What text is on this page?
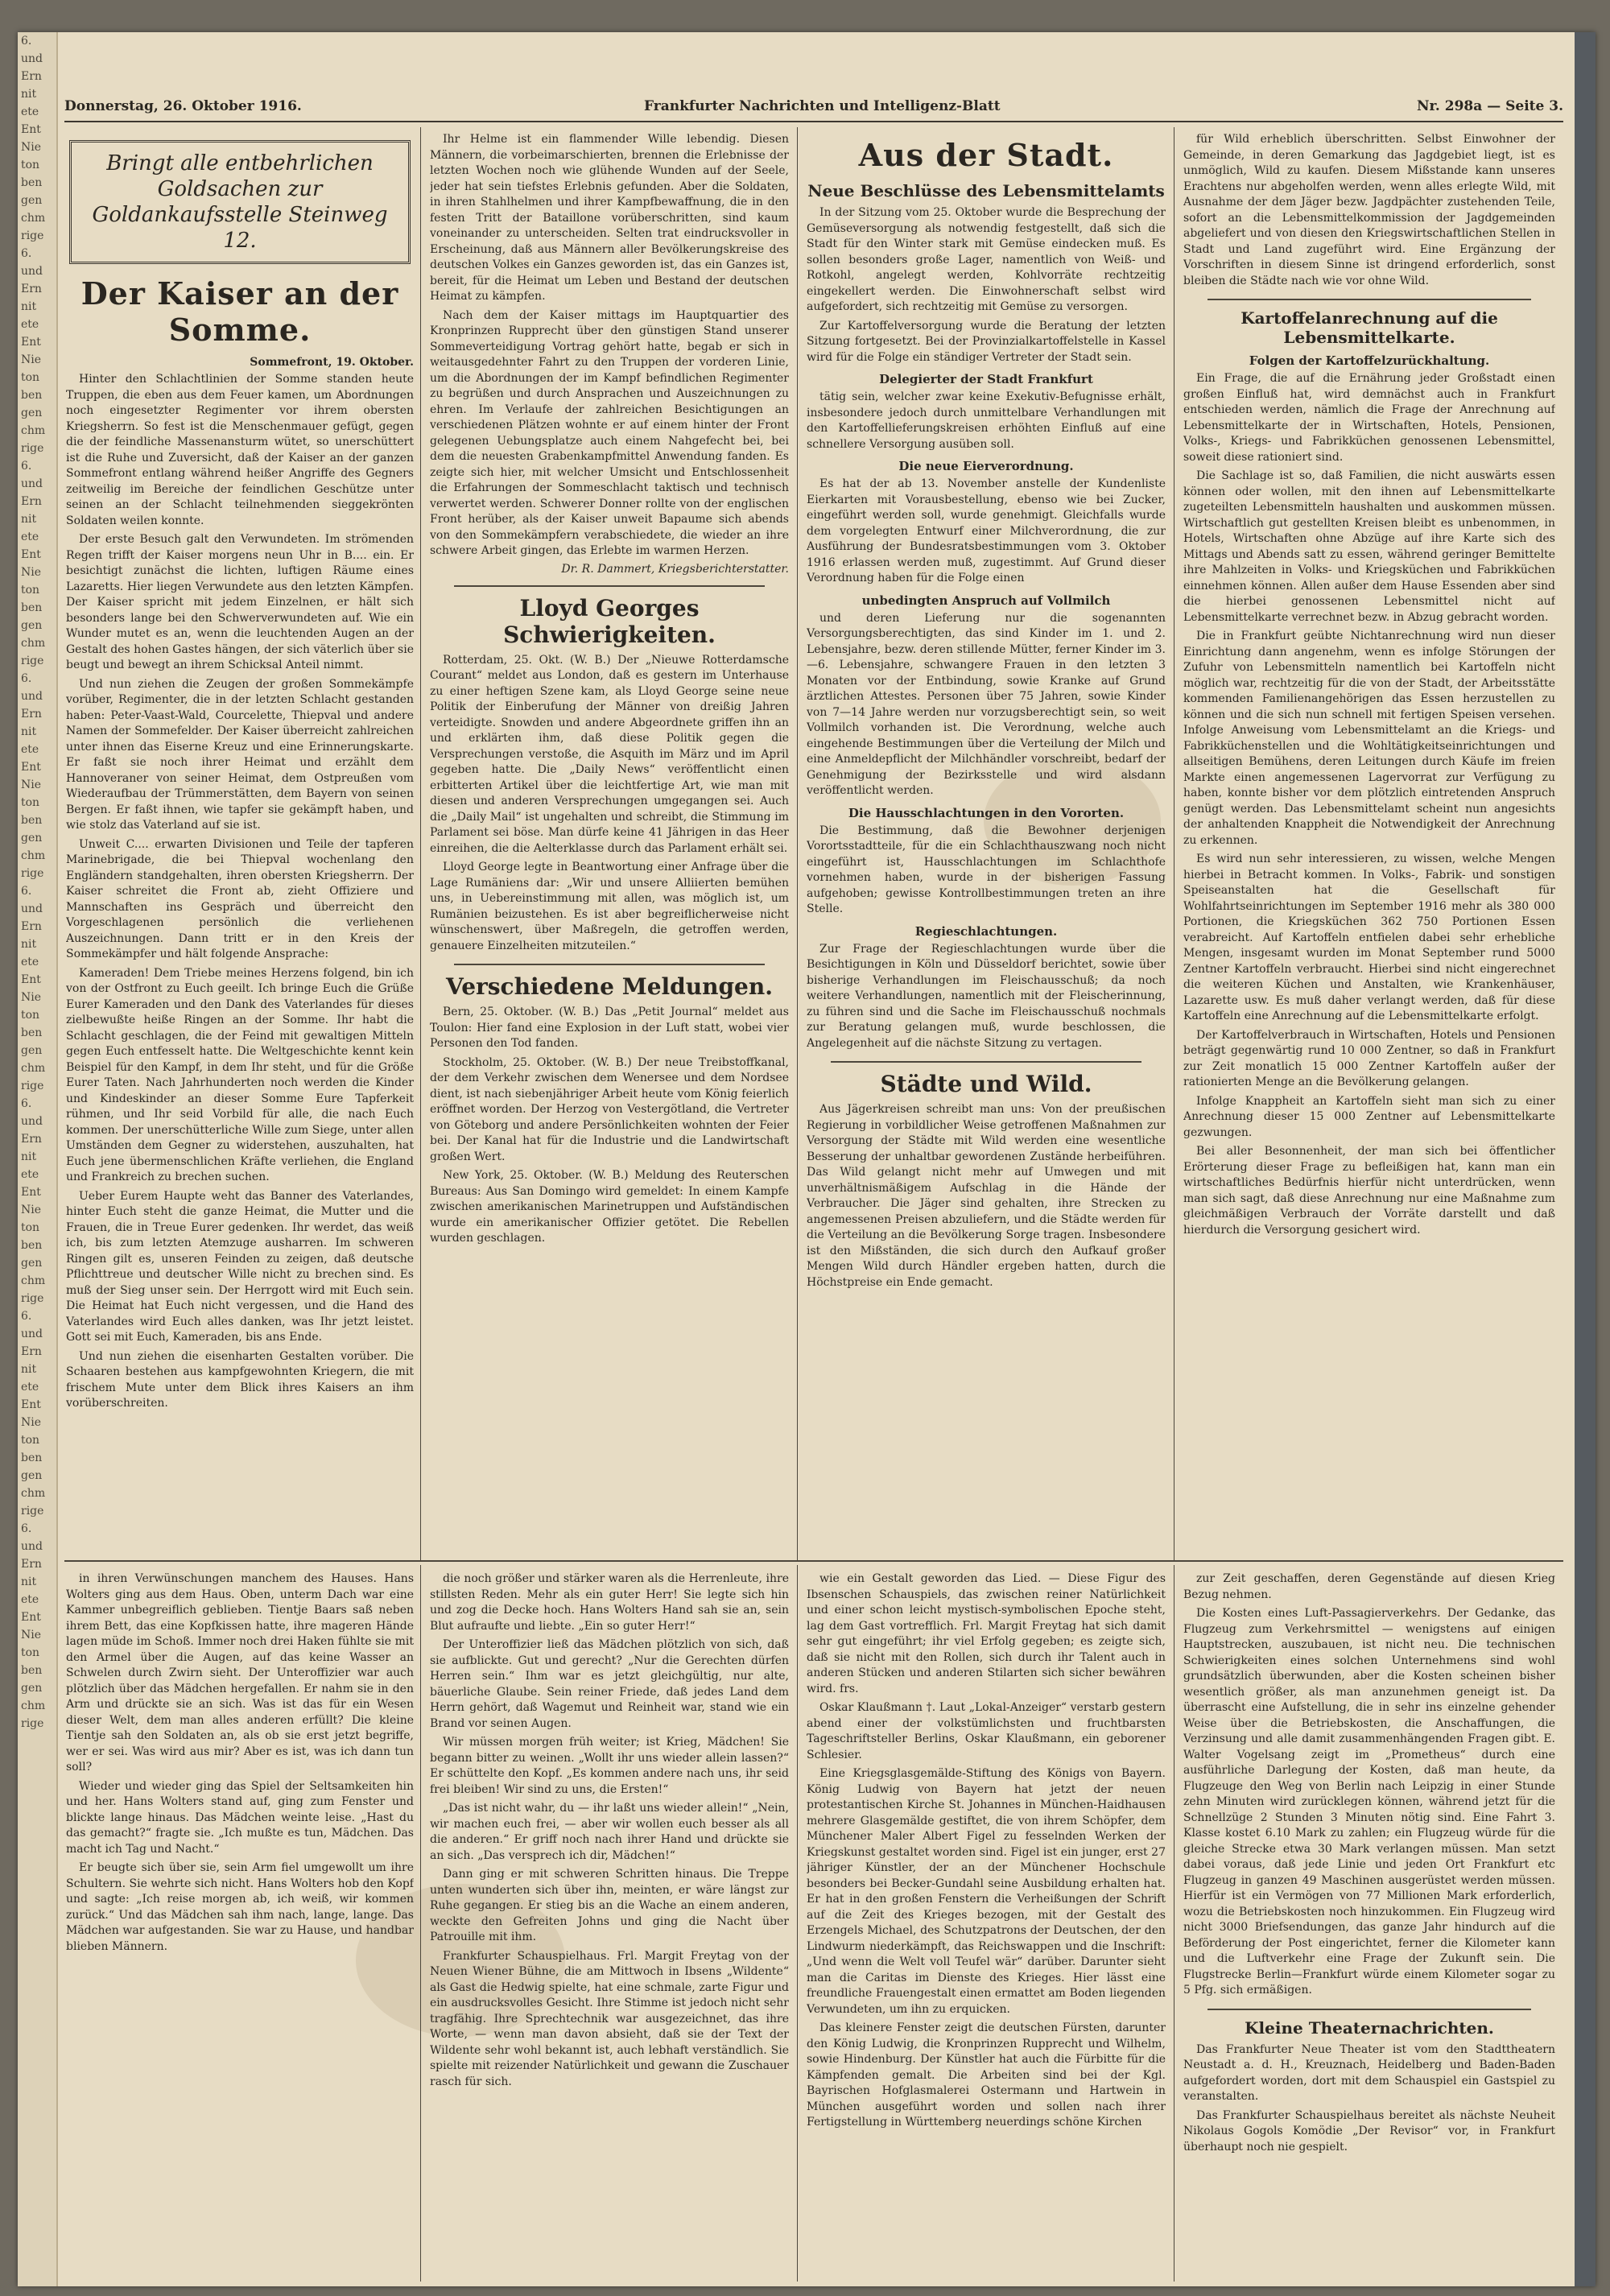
6.
und
Ern
nit
ete
Ent
Nie
ton
ben
gen
chm
rige
6.
und
Ern
nit
ete
Ent
Nie
ton
ben
gen
chm
rige
6.
und
Ern
nit
ete
Ent
Nie
ton
ben
gen
chm
rige
6.
und
Ern
nit
ete
Ent
Nie
ton
ben
gen
chm
rige
6.
und
Ern
nit
ete
Ent
Nie
ton
ben
gen
chm
rige
6.
und
Ern
nit
ete
Ent
Nie
ton
ben
gen
chm
rige
6.
und
Ern
nit
ete
Ent
Nie
ton
ben
gen
chm
rige
6.
und
Ern
nit
ete
Ent
Nie
ton
ben
gen
chm
rige
Donnerstag, 26. Oktober 1916.	Frankfurter Nachrichten und Intelligenz-Blatt	Nr. 298a — Seite 3.
Bringt alle entbehrlichen Goldsachen zur Goldankaufsstelle Steinweg 12.
Der Kaiser an der Somme.
Sommefront, 19. Oktober.

Hinter den Schlachtlinien der Somme standen heute Truppen, die eben aus dem Feuer kamen, um Abordnungen noch eingesetzter Regimenter vor ihrem obersten Kriegsherrn. So fest ist die Menschenmauer gefügt, gegen die der feindliche Massenansturm wütet, so unerschüttert ist die Ruhe und Zuversicht, daß der Kaiser an der ganzen Sommefront entlang während heißer Angriffe des Gegners zeitweilig im Bereiche der feindlichen Geschütze unter seinen an der Schlacht teilnehmenden sieggekrönten Soldaten weilen konnte.

Der erste Besuch galt den Verwundeten. Im strömenden Regen trifft der Kaiser morgens neun Uhr in B.... ein. Er besichtigt zunächst die lichten, luftigen Räume eines Lazaretts. Hier liegen Verwundete aus den letzten Kämpfen. Der Kaiser spricht mit jedem Einzelnen, er hält sich besonders lange bei den Schwerverwundeten auf. Wie ein Wunder mutet es an, wenn die leuchtenden Augen an der Gestalt des hohen Gastes hängen, der sich väterlich über sie beugt und bewegt an ihrem Schicksal Anteil nimmt.

Und nun ziehen die Zeugen der großen Sommekämpfe vorüber, Regimenter, die in der letzten Schlacht gestanden haben: Peter-Vaast-Wald, Courcelette, Thiepval und andere Namen der Sommefelder. Der Kaiser überreicht zahlreichen unter ihnen das Eiserne Kreuz und eine Erinnerungskarte. Er faßt sie noch ihrer Heimat und erzählt dem Hannoveraner von seiner Heimat, dem Ostpreußen vom Wiederaufbau der Trümmerstätten, dem Bayern von seinen Bergen. Er faßt ihnen, wie tapfer sie gekämpft haben, und wie stolz das Vaterland auf sie ist.

Unweit C.... erwarten Divisionen und Teile der tapferen Marinebrigade, die bei Thiepval wochenlang den Engländern standgehalten, ihren obersten Kriegsherrn. Der Kaiser schreitet die Front ab, zieht Offiziere und Mannschaften ins Gespräch und überreicht den Vorgeschlagenen persönlich die verliehenen Auszeichnungen. Dann tritt er in den Kreis der Sommekämpfer und hält folgende Ansprache:

Kameraden! Dem Triebe meines Herzens folgend, bin ich von der Ostfront zu Euch geeilt. Ich bringe Euch die Grüße Eurer Kameraden und den Dank des Vaterlandes für dieses zielbewußte heiße Ringen an der Somme. Ihr habt die Schlacht geschlagen, die der Feind mit gewaltigen Mitteln gegen Euch entfesselt hatte. Die Weltgeschichte kennt kein Beispiel für den Kampf, in dem Ihr steht, und für die Größe Eurer Taten. Nach Jahrhunderten noch werden die Kinder und Kindeskinder an dieser Somme Eure Tapferkeit rühmen, und Ihr seid Vorbild für alle, die nach Euch kommen. Der unerschütterliche Wille zum Siege, unter allen Umständen dem Gegner zu widerstehen, auszuhalten, hat Euch jene übermenschlichen Kräfte verliehen, die England und Frankreich zu brechen suchen.

Ueber Eurem Haupte weht das Banner des Vaterlandes, hinter Euch steht die ganze Heimat, die Mutter und die Frauen, die in Treue Eurer gedenken. Ihr werdet, das weiß ich, bis zum letzten Atemzuge ausharren. Im schweren Ringen gilt es, unseren Feinden zu zeigen, daß deutsche Pflichttreue und deutscher Wille nicht zu brechen sind. Es muß der Sieg unser sein. Der Herrgott wird mit Euch sein. Die Heimat hat Euch nicht vergessen, und die Hand des Vaterlandes wird Euch alles danken, was Ihr jetzt leistet. Gott sei mit Euch, Kameraden, bis ans Ende.

Und nun ziehen die eisenharten Gestalten vorüber. Die Schaaren bestehen aus kampfgewohnten Kriegern, die mit frischem Mute unter dem Blick ihres Kaisers an ihm vorüberschreiten.

Ihr Helme ist ein flammender Wille lebendig. Diesen Männern, die vorbeimarschierten, brennen die Erlebnisse der letzten Wochen noch wie glühende Wunden auf der Seele, jeder hat sein tiefstes Erlebnis gefunden. Aber die Soldaten, in ihren Stahlhelmen und ihrer Kampfbewaffnung, die in den festen Tritt der Bataillone vorüberschritten, sind kaum voneinander zu unterscheiden. Selten trat eindrucksvoller in Erscheinung, daß aus Männern aller Bevölkerungskreise des deutschen Volkes ein Ganzes geworden ist, das ein Ganzes ist, bereit, für die Heimat um Leben und Bestand der deutschen Heimat zu kämpfen.

Nach dem der Kaiser mittags im Hauptquartier des Kronprinzen Rupprecht über den günstigen Stand unserer Sommeverteidigung Vortrag gehört hatte, begab er sich in weitausgedehnter Fahrt zu den Truppen der vorderen Linie, um die Abordnungen der im Kampf befindlichen Regimenter zu begrüßen und durch Ansprachen und Auszeichnungen zu ehren. Im Verlaufe der zahlreichen Besichtigungen an verschiedenen Plätzen wohnte er auf einem hinter der Front gelegenen Uebungsplatze auch einem Nahgefecht bei, bei dem die neuesten Grabenkampfmittel Anwendung fanden. Es zeigte sich hier, mit welcher Umsicht und Entschlossenheit die Erfahrungen der Sommeschlacht taktisch und technisch verwertet werden. Schwerer Donner rollte von der englischen Front herüber, als der Kaiser unweit Bapaume sich abends von den Sommekämpfern verabschiedete, die wieder an ihre schwere Arbeit gingen, das Erlebte im warmen Herzen.

Dr. R. Dammert, Kriegsberichterstatter.
Lloyd Georges Schwierigkeiten.

Rotterdam, 25. Okt. (W. B.) Der „Nieuwe Rotterdamsche Courant“ meldet aus London, daß es gestern im Unterhause zu einer heftigen Szene kam, als Lloyd George seine neue Politik der Einberufung der Männer von dreißig Jahren verteidigte. Snowden und andere Abgeordnete griffen ihn an und erklärten ihm, daß diese Politik gegen die Versprechungen verstoße, die Asquith im März und im April gegeben hatte. Die „Daily News“ veröffentlicht einen erbitterten Artikel über die leichtfertige Art, wie man mit diesen und anderen Versprechungen umgegangen sei. Auch die „Daily Mail“ ist ungehalten und schreibt, die Stimmung im Parlament sei böse. Man dürfe keine 41 Jährigen in das Heer einreihen, die die Aelterklasse durch das Parlament erhält sei.

Lloyd George legte in Beantwortung einer Anfrage über die Lage Rumäniens dar: „Wir und unsere Alliierten bemühen uns, in Uebereinstimmung mit allen, was möglich ist, um Rumänien beizustehen. Es ist aber begreiflicherweise nicht wünschenswert, über Maßregeln, die getroffen werden, genauere Einzelheiten mitzuteilen.“

Verschiedene Meldungen.

Bern, 25. Oktober. (W. B.) Das „Petit Journal“ meldet aus Toulon: Hier fand eine Explosion in der Luft statt, wobei vier Personen den Tod fanden.

Stockholm, 25. Oktober. (W. B.) Der neue Treibstoffkanal, der dem Verkehr zwischen dem Wenersee und dem Nordsee dient, ist nach siebenjähriger Arbeit heute vom König feierlich eröffnet worden. Der Herzog von Vestergötland, die Vertreter von Göteborg und andere Persönlichkeiten wohnten der Feier bei. Der Kanal hat für die Industrie und die Landwirtschaft großen Wert.

New York, 25. Oktober. (W. B.) Meldung des Reuterschen Bureaus: Aus San Domingo wird gemeldet: In einem Kampfe zwischen amerikanischen Marinetruppen und Aufständischen wurde ein amerikanischer Offizier getötet. Die Rebellen wurden geschlagen.

Aus der Stadt.
Neue Beschlüsse des Lebensmittelamts

In der Sitzung vom 25. Oktober wurde die Besprechung der Gemüseversorgung als notwendig festgestellt, daß sich die Stadt für den Winter stark mit Gemüse eindecken muß. Es sollen besonders große Lager, namentlich von Weiß- und Rotkohl, angelegt werden, Kohlvorräte rechtzeitig eingekellert werden. Die Einwohnerschaft selbst wird aufgefordert, sich rechtzeitig mit Gemüse zu versorgen.

Zur Kartoffelversorgung wurde die Beratung der letzten Sitzung fortgesetzt. Bei der Provinzialkartoffelstelle in Kassel wird für die Folge ein ständiger Vertreter der Stadt sein.

Delegierter der Stadt Frankfurt

tätig sein, welcher zwar keine Exekutiv-Befugnisse erhält, insbesondere jedoch durch unmittelbare Verhandlungen mit den Kartoffellieferungskreisen erhöhten Einfluß auf eine schnellere Versorgung ausüben soll.

Die neue Eierverordnung.

Es hat der ab 13. November anstelle der Kundenliste Eierkarten mit Vorausbestellung, ebenso wie bei Zucker, eingeführt werden soll, wurde genehmigt. Gleichfalls wurde dem vorgelegten Entwurf einer Milchverordnung, die zur Ausführung der Bundesratsbestimmungen vom 3. Oktober 1916 erlassen werden muß, zugestimmt. Auf Grund dieser Verordnung haben für die Folge einen

unbedingten Anspruch auf Vollmilch

und deren Lieferung nur die sogenannten Versorgungsberechtigten, das sind Kinder im 1. und 2. Lebensjahre, bezw. deren stillende Mütter, ferner Kinder im 3.—6. Lebensjahre, schwangere Frauen in den letzten 3 Monaten vor der Entbindung, sowie Kranke auf Grund ärztlichen Attestes. Personen über 75 Jahren, sowie Kinder von 7—14 Jahre werden nur vorzugsberechtigt sein, so weit Vollmilch vorhanden ist. Die Verordnung, welche auch eingehende Bestimmungen über die Verteilung der Milch und eine Anmeldepflicht der Milchhändler vorschreibt, bedarf der Genehmigung der Bezirksstelle und wird alsdann veröffentlicht werden.

Die Hausschlachtungen in den Vororten.

Die Bestimmung, daß die Bewohner derjenigen Vorortsstadtteile, für die ein Schlachthauszwang noch nicht eingeführt ist, Hausschlachtungen im Schlachthofe vornehmen haben, wurde in der bisherigen Fassung aufgehoben; gewisse Kontrollbestimmungen treten an ihre Stelle.

Regieschlachtungen.

Zur Frage der Regieschlachtungen wurde über die Besichtigungen in Köln und Düsseldorf berichtet, sowie über bisherige Verhandlungen im Fleischausschuß; da noch weitere Verhandlungen, namentlich mit der Fleischerinnung, zu führen sind und die Sache im Fleischausschuß nochmals zur Beratung gelangen muß, wurde beschlossen, die Angelegenheit auf die nächste Sitzung zu vertagen.

Städte und Wild.

Aus Jägerkreisen schreibt man uns: Von der preußischen Regierung in vorbildlicher Weise getroffenen Maßnahmen zur Versorgung der Städte mit Wild werden eine wesentliche Besserung der unhaltbar gewordenen Zustände herbeiführen. Das Wild gelangt nicht mehr auf Umwegen und mit unverhältnismäßigem Aufschlag in die Hände der Verbraucher. Die Jäger sind gehalten, ihre Strecken zu angemessenen Preisen abzuliefern, und die Städte werden für die Verteilung an die Bevölkerung Sorge tragen. Insbesondere ist den Mißständen, die sich durch den Aufkauf großer Mengen Wild durch Händler ergeben hatten, durch die Höchstpreise ein Ende gemacht.

für Wild erheblich überschritten. Selbst Einwohner der Gemeinde, in deren Gemarkung das Jagdgebiet liegt, ist es unmöglich, Wild zu kaufen. Diesem Mißstande kann unseres Erachtens nur abgeholfen werden, wenn alles erlegte Wild, mit Ausnahme der dem Jäger bezw. Jagdpächter zustehenden Teile, sofort an die Lebensmittelkommission der Jagdgemeinden abgeliefert und von diesen den Kriegswirtschaftlichen Stellen in Stadt und Land zugeführt wird. Eine Ergänzung der Vorschriften in diesem Sinne ist dringend erforderlich, sonst bleiben die Städte nach wie vor ohne Wild.

Kartoffelanrechnung auf die Lebensmittelkarte.
Folgen der Kartoffelzurückhaltung.

Ein Frage, die auf die Ernährung jeder Großstadt einen großen Einfluß hat, wird demnächst auch in Frankfurt entschieden werden, nämlich die Frage der Anrechnung auf Lebensmittelkarte der in Wirtschaften, Hotels, Pensionen, Volks-, Kriegs- und Fabrikküchen genossenen Lebensmittel, soweit diese rationiert sind.

Die Sachlage ist so, daß Familien, die nicht auswärts essen können oder wollen, mit den ihnen auf Lebensmittelkarte zugeteilten Lebensmitteln haushalten und auskommen müssen. Wirtschaftlich gut gestellten Kreisen bleibt es unbenommen, in Hotels, Wirtschaften ohne Abzüge auf ihre Karte sich des Mittags und Abends satt zu essen, während geringer Bemittelte ihre Mahlzeiten in Volks- und Kriegsküchen und Fabrikküchen einnehmen können. Allen außer dem Hause Essenden aber sind die hierbei genossenen Lebensmittel nicht auf Lebensmittelkarte verrechnet bezw. in Abzug gebracht worden.

Die in Frankfurt geübte Nichtanrechnung wird nun dieser Einrichtung dann angenehm, wenn es infolge Störungen der Zufuhr von Lebensmitteln namentlich bei Kartoffeln nicht möglich war, rechtzeitig für die von der Stadt, der Arbeitsstätte kommenden Familienangehörigen das Essen herzustellen zu können und die sich nun schnell mit fertigen Speisen versehen. Infolge Anweisung vom Lebensmittelamt an die Kriegs- und Fabrikküchenstellen und die Wohltätigkeitseinrichtungen und allseitigen Bemühens, deren Leitungen durch Käufe im freien Markte einen angemessenen Lagervorrat zur Verfügung zu haben, konnte bisher vor dem plötzlich eintretenden Anspruch genügt werden. Das Lebensmittelamt scheint nun angesichts der anhaltenden Knappheit die Notwendigkeit der Anrechnung zu erkennen.

Es wird nun sehr interessieren, zu wissen, welche Mengen hierbei in Betracht kommen. In Volks-, Fabrik- und sonstigen Speiseanstalten hat die Gesellschaft für Wohlfahrtseinrichtungen im September 1916 mehr als 380 000 Portionen, die Kriegsküchen 362 750 Portionen Essen verabreicht. Auf Kartoffeln entfielen dabei sehr erhebliche Mengen, insgesamt wurden im Monat September rund 5000 Zentner Kartoffeln verbraucht. Hierbei sind nicht eingerechnet die weiteren Küchen und Anstalten, wie Krankenhäuser, Lazarette usw. Es muß daher verlangt werden, daß für diese Kartoffeln eine Anrechnung auf die Lebensmittelkarte erfolgt.

Der Kartoffelverbrauch in Wirtschaften, Hotels und Pensionen beträgt gegenwärtig rund 10 000 Zentner, so daß in Frankfurt zur Zeit monatlich 15 000 Zentner Kartoffeln außer der rationierten Menge an die Bevölkerung gelangen.

Infolge Knappheit an Kartoffeln sieht man sich zu einer Anrechnung dieser 15 000 Zentner auf Lebensmittelkarte gezwungen.

Bei aller Besonnenheit, der man sich bei öffentlicher Erörterung dieser Frage zu befleißigen hat, kann man ein wirtschaftliches Bedürfnis hierfür nicht unterdrücken, wenn man sich sagt, daß diese Anrechnung nur eine Maßnahme zum gleichmäßigen Verbrauch der Vorräte darstellt und daß hierdurch die Versorgung gesichert wird.

in ihren Verwünschungen manchem des Hauses. Hans Wolters ging aus dem Haus. Oben, unterm Dach war eine Kammer unbegreiflich geblieben. Tientje Baars saß neben ihrem Bett, das eine Kopfkissen hatte, ihre mageren Hände lagen müde im Schoß. Immer noch drei Haken fühlte sie mit den Armel über die Augen, auf das keine Wasser an Schwelen durch Zwirn sieht. Der Unteroffizier war auch plötzlich über das Mädchen hergefallen. Er nahm sie in den Arm und drückte sie an sich. Was ist das für ein Wesen dieser Welt, dem man alles anderen erfüllt? Die kleine Tientje sah den Soldaten an, als ob sie erst jetzt begriffe, wer er sei. Was wird aus mir? Aber es ist, was ich dann tun soll?

Wieder und wieder ging das Spiel der Seltsamkeiten hin und her. Hans Wolters stand auf, ging zum Fenster und blickte lange hinaus. Das Mädchen weinte leise. „Hast du das gemacht?“ fragte sie. „Ich mußte es tun, Mädchen. Das macht ich Tag und Nacht.“

Er beugte sich über sie, sein Arm fiel umgewollt um ihre Schultern. Sie wehrte sich nicht. Hans Wolters hob den Kopf und sagte: „Ich reise morgen ab, ich weiß, wir kommen zurück.“ Und das Mädchen sah ihm nach, lange, lange. Das Mädchen war aufgestanden. Sie war zu Hause, und handbar blieben Männern.

die noch größer und stärker waren als die Herrenleute, ihre stillsten Reden. Mehr als ein guter Herr! Sie legte sich hin und zog die Decke hoch. Hans Wolters Hand sah sie an, sein Blut aufraufte und liebte. „Ein so guter Herr!“

Der Unteroffizier ließ das Mädchen plötzlich von sich, daß sie aufblickte. Gut und gerecht? „Nur die Gerechten dürfen Herren sein.“ Ihm war es jetzt gleichgültig, nur alte, bäuerliche Glaube. Sein reiner Friede, daß jedes Land dem Herrn gehört, daß Wagemut und Reinheit war, stand wie ein Brand vor seinen Augen.

Wir müssen morgen früh weiter; ist Krieg, Mädchen! Sie begann bitter zu weinen. „Wollt ihr uns wieder allein lassen?“ Er schüttelte den Kopf. „Es kommen andere nach uns, ihr seid frei bleiben! Wir sind zu uns, die Ersten!“

„Das ist nicht wahr, du — ihr laßt uns wieder allein!“ „Nein, wir machen euch frei, — aber wir wollen euch besser als all die anderen.“ Er griff noch nach ihrer Hand und drückte sie an sich. „Das versprech ich dir, Mädchen!“

Dann ging er mit schweren Schritten hinaus. Die Treppe unten wunderten sich über ihn, meinten, er wäre längst zur Ruhe gegangen. Er stieg bis an die Wache an einem anderen, weckte den Gefreiten Johns und ging die Nacht über Patrouille mit ihm.

Frankfurter Schauspielhaus. Frl. Margit Freytag von der Neuen Wiener Bühne, die am Mittwoch in Ibsens „Wildente“ als Gast die Hedwig spielte, hat eine schmale, zarte Figur und ein ausdrucksvolles Gesicht. Ihre Stimme ist jedoch nicht sehr tragfähig. Ihre Sprechtechnik war ausgezeichnet, das ihre Worte, — wenn man davon absieht, daß sie der Text der Wildente sehr wohl bekannt ist, auch lebhaft verständlich. Sie spielte mit reizender Natürlichkeit und gewann die Zuschauer rasch für sich.

wie ein Gestalt geworden das Lied. — Diese Figur des Ibsenschen Schauspiels, das zwischen reiner Natürlichkeit und einer schon leicht mystisch-symbolischen Epoche steht, lag dem Gast vortrefflich. Frl. Margit Freytag hat sich damit sehr gut eingeführt; ihr viel Erfolg gegeben; es zeigte sich, daß sie nicht mit den Rollen, sich durch ihr Talent auch in anderen Stücken und anderen Stilarten sich sicher bewähren wird. frs.

Oskar Klaußmann †. Laut „Lokal-Anzeiger“ verstarb gestern abend einer der volkstümlichsten und fruchtbarsten Tageschriftsteller Berlins, Oskar Klaußmann, ein geborener Schlesier.

Eine Kriegsglasgemälde-Stiftung des Königs von Bayern. König Ludwig von Bayern hat jetzt der neuen protestantischen Kirche St. Johannes in München-Haidhausen mehrere Glasgemälde gestiftet, die von ihrem Schöpfer, dem Münchener Maler Albert Figel zu fesselnden Werken der Kriegskunst gestaltet worden sind. Figel ist ein junger, erst 27 jähriger Künstler, der an der Münchener Hochschule besonders bei Becker-Gundahl seine Ausbildung erhalten hat. Er hat in den großen Fenstern die Verheißungen der Schrift auf die Zeit des Krieges bezogen, mit der Gestalt des Erzengels Michael, des Schutzpatrons der Deutschen, der den Lindwurm niederkämpft, das Reichswappen und die Inschrift: „Und wenn die Welt voll Teufel wär“ darüber. Darunter sieht man die Caritas im Dienste des Krieges. Hier lässt eine freundliche Frauengestalt einen ermattet am Boden liegenden Verwundeten, um ihn zu erquicken.

Das kleinere Fenster zeigt die deutschen Fürsten, darunter den König Ludwig, die Kronprinzen Rupprecht und Wilhelm, sowie Hindenburg. Der Künstler hat auch die Fürbitte für die Kämpfenden gemalt. Die Arbeiten sind bei der Kgl. Bayrischen Hofglasmalerei Ostermann und Hartwein in München ausgeführt worden und sollen nach ihrer Fertigstellung in Württemberg neuerdings schöne Kirchen

zur Zeit geschaffen, deren Gegenstände auf diesen Krieg Bezug nehmen.

Die Kosten eines Luft-Passagierverkehrs. Der Gedanke, das Flugzeug zum Verkehrsmittel — wenigstens auf einigen Hauptstrecken, auszubauen, ist nicht neu. Die technischen Schwierigkeiten eines solchen Unternehmens sind wohl grundsätzlich überwunden, aber die Kosten scheinen bisher wesentlich größer, als man anzunehmen geneigt ist. Da überrascht eine Aufstellung, die in sehr ins einzelne gehender Weise über die Betriebskosten, die Anschaffungen, die Verzinsung und alle damit zusammenhängenden Fragen gibt. E. Walter Vogelsang zeigt im „Prometheus“ durch eine ausführliche Darlegung der Kosten, daß man heute, da Flugzeuge den Weg von Berlin nach Leipzig in einer Stunde zehn Minuten wird zurücklegen können, während jetzt für die Schnellzüge 2 Stunden 3 Minuten nötig sind. Eine Fahrt 3. Klasse kostet 6.10 Mark zu zahlen; ein Flugzeug würde für die gleiche Strecke etwa 30 Mark verlangen müssen. Man setzt dabei voraus, daß jede Linie und jeden Ort Frankfurt etc Flugzeug in ganzen 49 Maschinen ausgerüstet werden müssen. Hierfür ist ein Vermögen von 77 Millionen Mark erforderlich, wozu die Betriebskosten noch hinzukommen. Ein Flugzeug wird nicht 3000 Briefsendungen, das ganze Jahr hindurch auf die Beförderung der Post eingerichtet, ferner die Kilometer kann und die Luftverkehr eine Frage der Zukunft sein. Die Flugstrecke Berlin—Frankfurt würde einem Kilometer sogar zu 5 Pfg. sich ermäßigen.

Kleine Theaternachrichten.

Das Frankfurter Neue Theater ist vom den Stadttheatern Neustadt a. d. H., Kreuznach, Heidelberg und Baden-Baden aufgefordert worden, dort mit dem Schauspiel ein Gastspiel zu veranstalten.

Das Frankfurter Schauspielhaus bereitet als nächste Neuheit Nikolaus Gogols Komödie „Der Revisor“ vor, in Frankfurt überhaupt noch nie gespielt.
